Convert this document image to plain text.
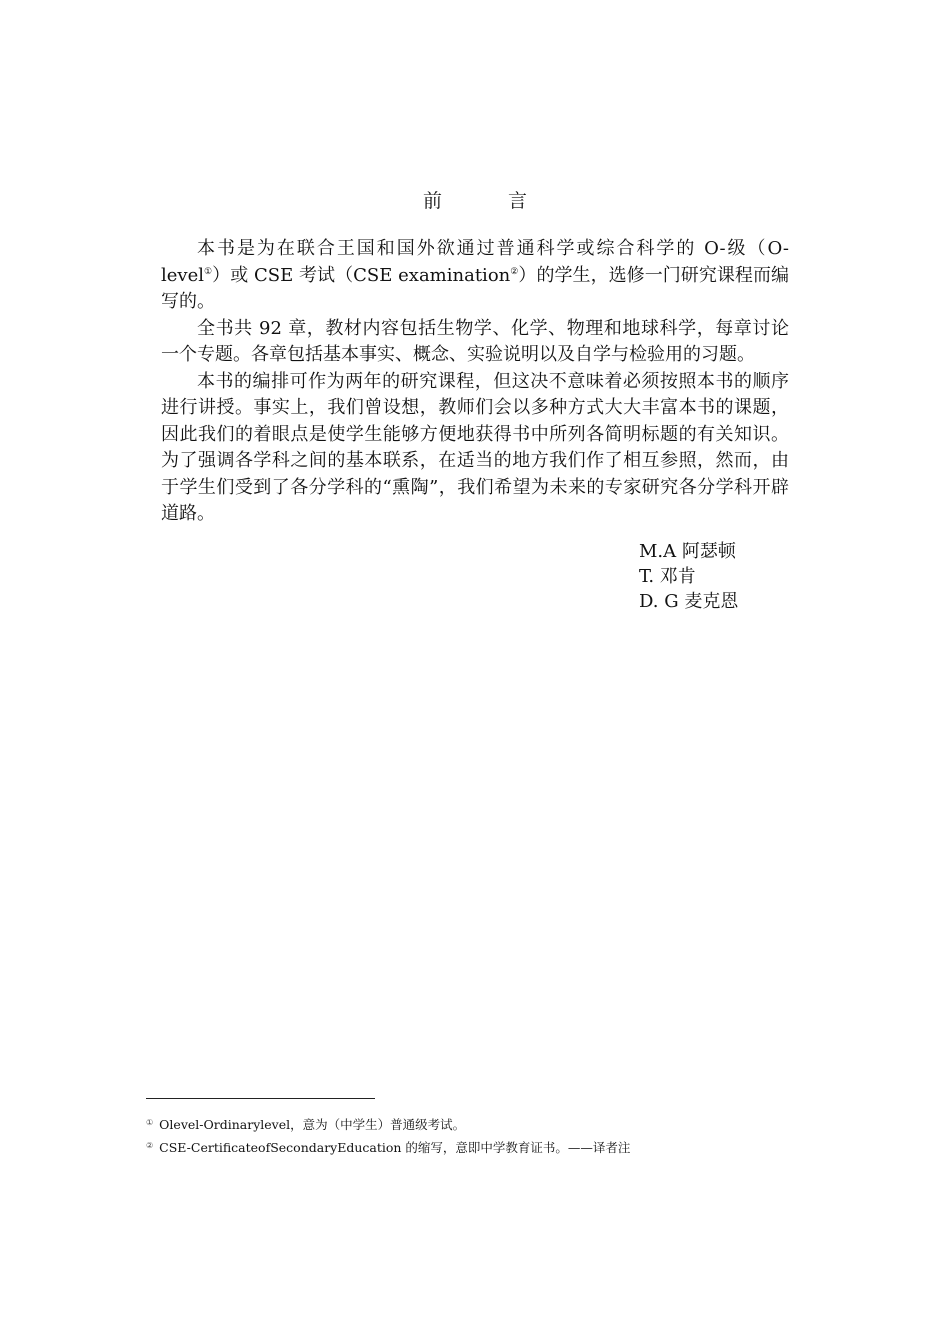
前 言

本书是为在联合王国和国外欲通过普通科学或综合科学的 O-级（O-level①）或 CSE 考试（CSE examination②）的学生，选修一门研究课程而编写的。

全书共 92 章，教材内容包括生物学、化学、物理和地球科学，每章讨论一个专题。各章包括基本事实、概念、实验说明以及自学与检验用的习题。

本书的编排可作为两年的研究课程，但这决不意味着必须按照本书的顺序进行讲授。事实上，我们曾设想，教师们会以多种方式大大丰富本书的课题，因此我们的着眼点是使学生能够方便地获得书中所列各简明标题的有关知识。为了强调各学科之间的基本联系，在适当的地方我们作了相互参照，然而，由于学生们受到了各分学科的“熏陶”，我们希望为未来的专家研究各分学科开辟道路。

M.A 阿瑟顿
T. 邓肯
D. G 麦克恩
① Olevel-Ordinarylevel，意为（中学生）普通级考试。
② CSE-CertificateofSecondaryEducation 的缩写，意即中学教育证书。——译者注
